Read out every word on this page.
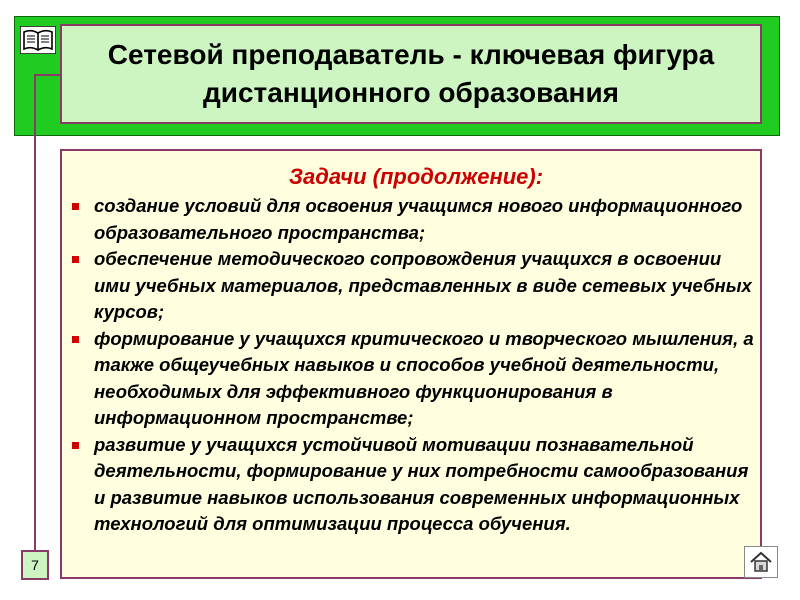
Сетевой преподаватель - ключевая фигура дистанционного образования
7
Задачи (продолжение):
создание условий для освоения учащимся нового информационного образовательного пространства;
обеспечение методического сопровождения учащихся в освоении ими учебных материалов, представленных в виде сетевых учебных курсов;
формирование у учащихся критического и творческого мышления, а также общеучебных навыков и способов учебной деятельности, необходимых для эффективного функционирования в информационном пространстве;
развитие у учащихся устойчивой мотивации познавательной деятельности, формирование у них потребности самообразования и развитие навыков использования современных информационных технологий для оптимизации процесса обучения.
